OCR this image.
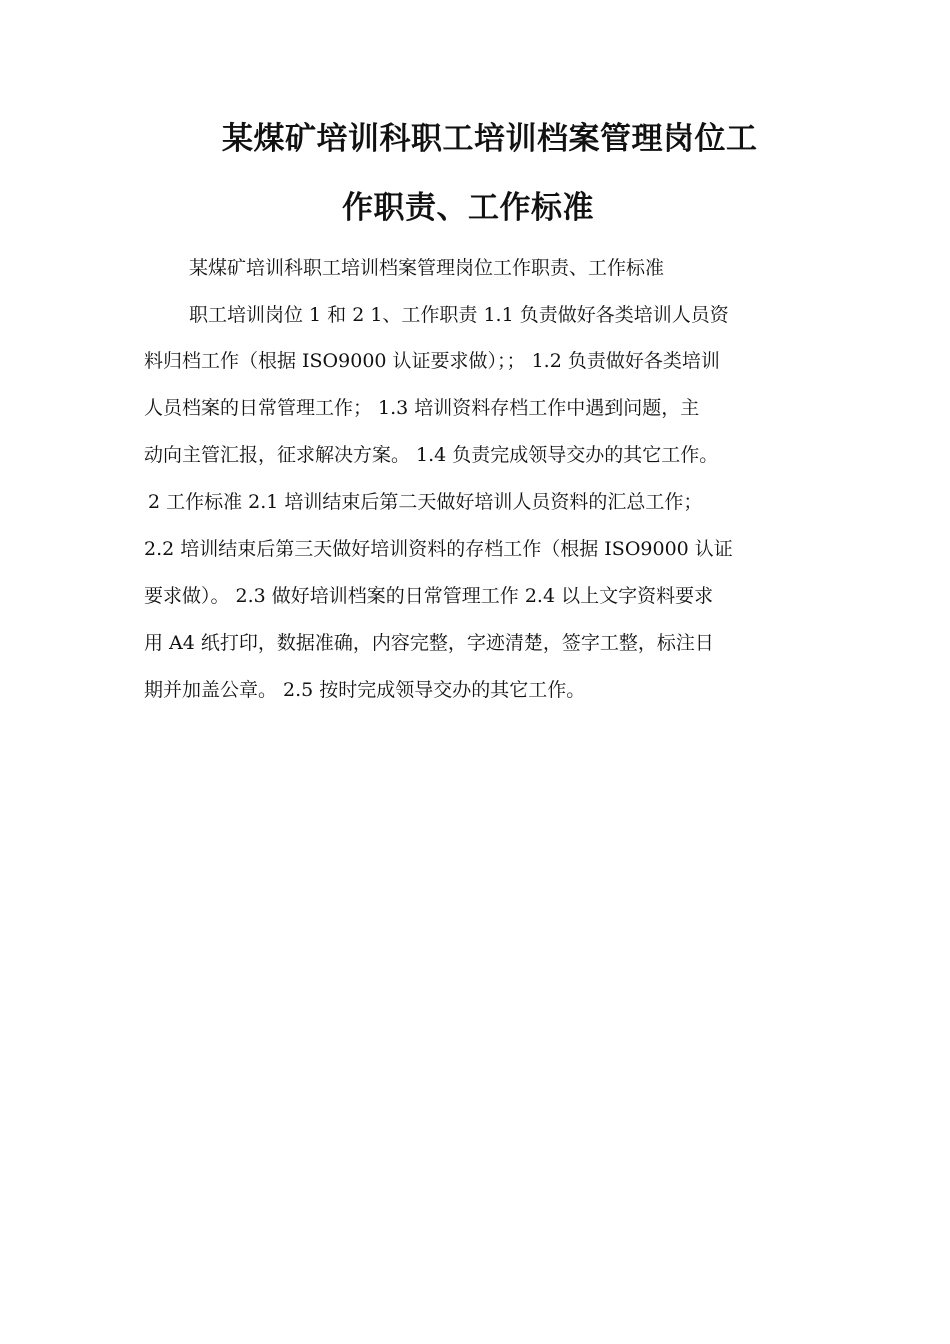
某煤矿培训科职工培训档案管理岗位工
作职责、工作标准
某煤矿培训科职工培训档案管理岗位工作职责、工作标准
职工培训岗位 1 和 2 1、工作职责 1.1 负责做好各类培训人员资
料归档工作（根据 ISO9000 认证要求做）；； 1.2 负责做好各类培训
人员档案的日常管理工作； 1.3 培训资料存档工作中遇到问题，主
动向主管汇报，征求解决方案。 1.4 负责完成领导交办的其它工作。
2 工作标准 2.1 培训结束后第二天做好培训人员资料的汇总工作；
2.2 培训结束后第三天做好培训资料的存档工作（根据 ISO9000 认证
要求做）。 2.3 做好培训档案的日常管理工作 2.4 以上文字资料要求
用 A4 纸打印，数据准确，内容完整，字迹清楚，签字工整，标注日
期并加盖公章。 2.5 按时完成领导交办的其它工作。
